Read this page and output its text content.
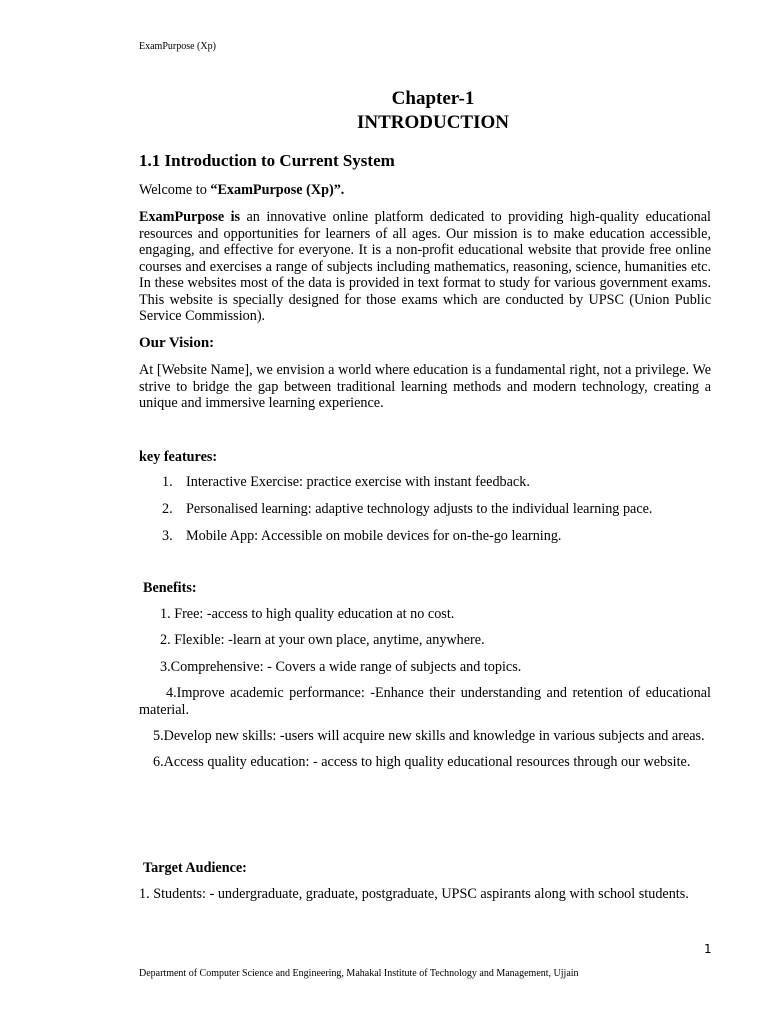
ExamPurpose (Xp)
Chapter-1
INTRODUCTION
1.1 Introduction to Current System
Welcome to “ExamPurpose (Xp)”.
ExamPurpose is an innovative online platform dedicated to providing high-quality educational resources and opportunities for learners of all ages. Our mission is to make education accessible, engaging, and effective for everyone. It is a non-profit educational website that provide free online courses and exercises a range of subjects including mathematics, reasoning, science, humanities etc. In these websites most of the data is provided in text format to study for various government exams. This website is specially designed for those exams which are conducted by UPSC (Union Public Service Commission).
Our Vision:
At [Website Name], we envision a world where education is a fundamental right, not a privilege. We strive to bridge the gap between traditional learning methods and modern technology, creating a unique and immersive learning experience.
key features:
1. Interactive Exercise: practice exercise with instant feedback.
2. Personalised learning: adaptive technology adjusts to the individual learning pace.
3. Mobile App: Accessible on mobile devices for on-the-go learning.
Benefits:
1. Free: -access to high quality education at no cost.
2. Flexible: -learn at your own place, anytime, anywhere.
3.Comprehensive: - Covers a wide range of subjects and topics.
4.Improve academic performance: -Enhance their understanding and retention of educational material.
5.Develop new skills: -users will acquire new skills and knowledge in various subjects and areas.
6.Access quality education: - access to high quality educational resources through our website.
Target Audience:
1. Students: - undergraduate, graduate, postgraduate, UPSC aspirants along with school students.
1
Department of Computer Science and Engineering, Mahakal Institute of Technology and Management, Ujjain
